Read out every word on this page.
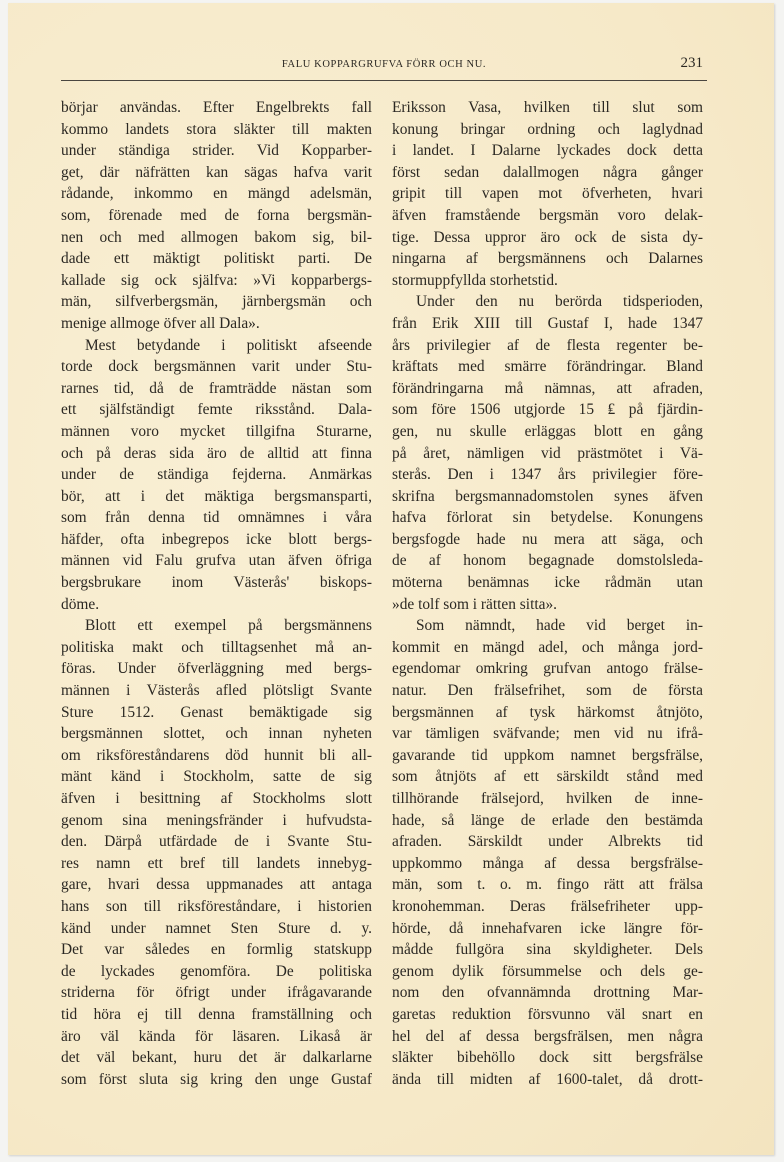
FALU KOPPARGRUFVA FÖRR OCH NU.	231
börjar användas. Efter Engelbrekts fall
kommo landets stora släkter till makten
under ständiga strider. Vid Kopparber-
get, där näfrätten kan sägas hafva varit
rådande, inkommo en mängd adelsmän,
som, förenade med de forna bergsmän-
nen och med allmogen bakom sig, bil-
dade ett mäktigt politiskt parti. De
kallade sig ock själfva: »Vi kopparbergs-
män, silfverbergsmän, järnbergsmän och
menige allmoge öfver all Dala».
Mest betydande i politiskt afseende
torde dock bergsmännen varit under Stu-
rarnes tid, då de framträdde nästan som
ett själfständigt femte riksstånd. Dala-
männen voro mycket tillgifna Sturarne,
och på deras sida äro de alltid att finna
under de ständiga fejderna. Anmärkas
bör, att i det mäktiga bergsmansparti,
som från denna tid omnämnes i våra
häfder, ofta inbegrepos icke blott bergs-
männen vid Falu grufva utan äfven öfriga
bergsbrukare inom Västerås' biskops-
döme.
Blott ett exempel på bergsmännens
politiska makt och tilltagsenhet må an-
föras. Under öfverläggning med bergs-
männen i Västerås afled plötsligt Svante
Sture 1512. Genast bemäktigade sig
bergsmännen slottet, och innan nyheten
om riksföreståndarens död hunnit bli all-
mänt känd i Stockholm, satte de sig
äfven i besittning af Stockholms slott
genom sina meningsfränder i hufvudsta-
den. Därpå utfärdade de i Svante Stu-
res namn ett bref till landets innebyg-
gare, hvari dessa uppmanades att antaga
hans son till riksföreståndare, i historien
känd under namnet Sten Sture d. y.
Det var således en formlig statskupp
de lyckades genomföra. De politiska
striderna för öfrigt under ifrågavarande
tid höra ej till denna framställning och
äro väl kända för läsaren. Likaså är
det väl bekant, huru det är dalkarlarne
som först sluta sig kring den unge Gustaf
Eriksson Vasa, hvilken till slut som
konung bringar ordning och laglydnad
i landet. I Dalarne lyckades dock detta
först sedan dalallmogen några gånger
gripit till vapen mot öfverheten, hvari
äfven framstående bergsmän voro delak-
tige. Dessa uppror äro ock de sista dy-
ningarna af bergsmännens och Dalarnes
stormuppfyllda storhetstid.
Under den nu berörda tidsperioden,
från Erik XIII till Gustaf I, hade 1347
års privilegier af de flesta regenter be-
kräftats med smärre förändringar. Bland
förändringarna må nämnas, att afraden,
som före 1506 utgjorde 15 ₤ på fjärdin-
gen, nu skulle erläggas blott en gång
på året, nämligen vid prästmötet i Vä-
sterås. Den i 1347 års privilegier före-
skrifna bergsmannadomstolen synes äfven
hafva förlorat sin betydelse. Konungens
bergsfogde hade nu mera att säga, och
de af honom begagnade domstolsleda-
möterna benämnas icke rådmän utan
»de tolf som i rätten sitta».
Som nämndt, hade vid berget in-
kommit en mängd adel, och många jord-
egendomar omkring grufvan antogo frälse-
natur. Den frälsefrihet, som de första
bergsmännen af tysk härkomst åtnjöto,
var tämligen sväfvande; men vid nu ifrå-
gavarande tid uppkom namnet bergsfrälse,
som åtnjöts af ett särskildt stånd med
tillhörande frälsejord, hvilken de inne-
hade, så länge de erlade den bestämda
afraden. Särskildt under Albrekts tid
uppkommo många af dessa bergsfrälse-
män, som t. o. m. fingo rätt att frälsa
kronohemman. Deras frälsefriheter upp-
hörde, då innehafvaren icke längre för-
mådde fullgöra sina skyldigheter. Dels
genom dylik försummelse och dels ge-
nom den ofvannämnda drottning Mar-
garetas reduktion försvunno väl snart en
hel del af dessa bergsfrälsen, men några
släkter bibehöllo dock sitt bergsfrälse
ända till midten af 1600-talet, då drott-
